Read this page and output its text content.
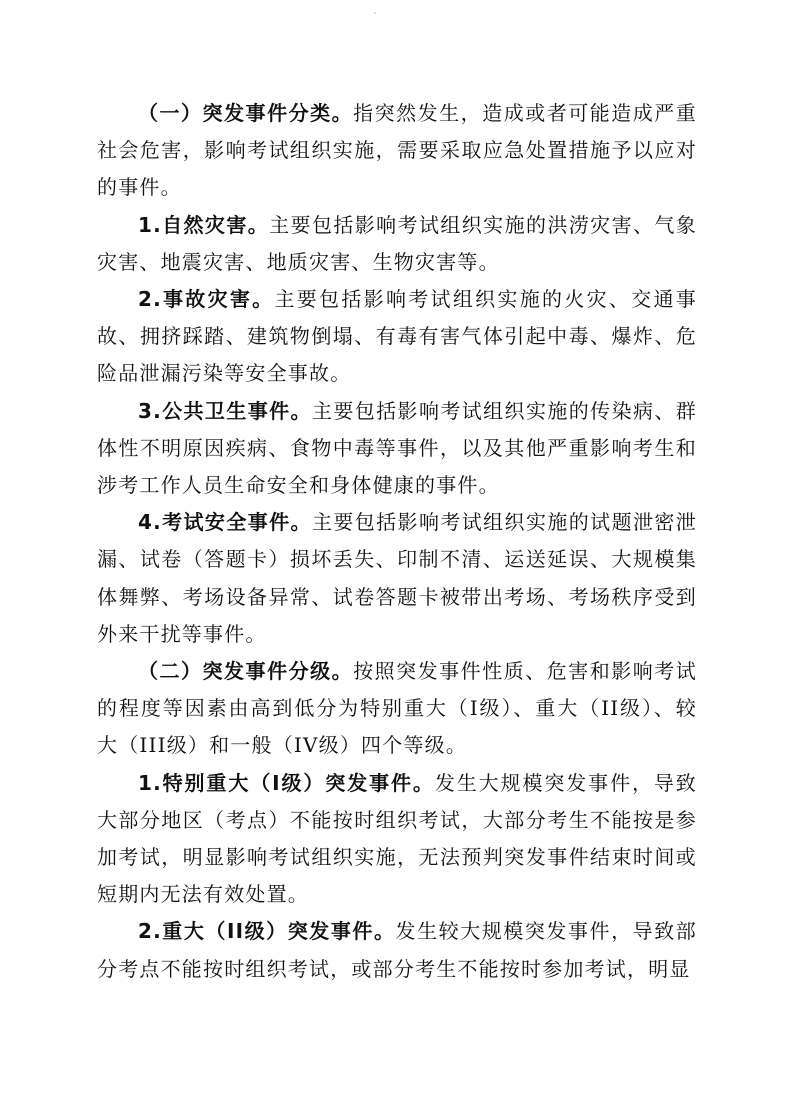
（一）突发事件分类。指突然发生，造成或者可能造成严重社会危害，影响考试组织实施，需要采取应急处置措施予以应对的事件。

1.自然灾害。主要包括影响考试组织实施的洪涝灾害、气象灾害、地震灾害、地质灾害、生物灾害等。

2.事故灾害。主要包括影响考试组织实施的火灾、交通事故、拥挤踩踏、建筑物倒塌、有毒有害气体引起中毒、爆炸、危险品泄漏污染等安全事故。

3.公共卫生事件。主要包括影响考试组织实施的传染病、群体性不明原因疾病、食物中毒等事件，以及其他严重影响考生和涉考工作人员生命安全和身体健康的事件。

4.考试安全事件。主要包括影响考试组织实施的试题泄密泄漏、试卷（答题卡）损坏丢失、印制不清、运送延误、大规模集体舞弊、考场设备异常、试卷答题卡被带出考场、考场秩序受到外来干扰等事件。

（二）突发事件分级。按照突发事件性质、危害和影响考试的程度等因素由高到低分为特别重大（I级）、重大（II级）、较大（III级）和一般（IV级）四个等级。

1.特别重大（I级）突发事件。发生大规模突发事件，导致大部分地区（考点）不能按时组织考试，大部分考生不能按是参加考试，明显影响考试组织实施，无法预判突发事件结束时间或短期内无法有效处置。

2.重大（II级）突发事件。发生较大规模突发事件，导致部分考点不能按时组织考试，或部分考生不能按时参加考试，明显
